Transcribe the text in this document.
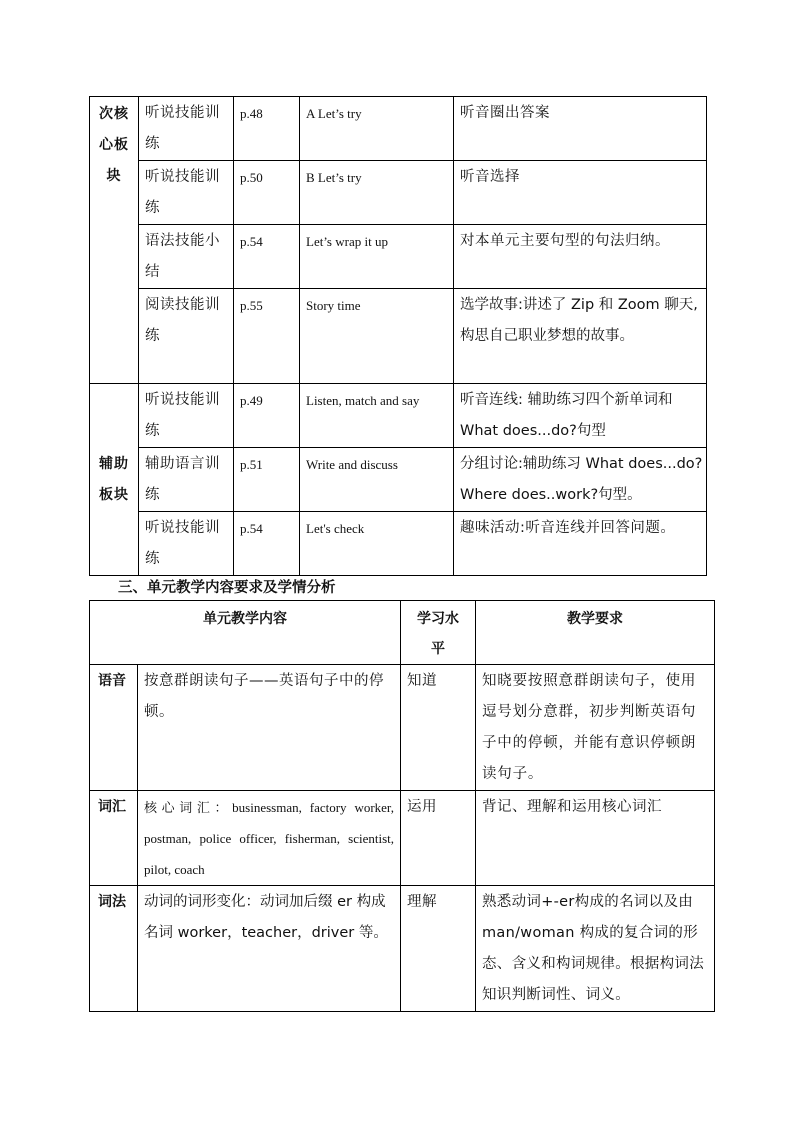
次核心板块	听说技能训练	p.48	A Let’s try	听音圈出答案
	听说技能训练	p.50	B Let’s try	听音选择
	语法技能小结	p.54	Let’s wrap it up	对本单元主要句型的句法归纳。
	阅读技能训练	p.55	Story time	选学故事:讲述了 Zip 和 Zoom 聊天,构思自己职业梦想的故事。

辅助板块	听说技能训练	p.49	Listen, match and say	听音连线: 辅助练习四个新单词和 What does...do?句型
	辅助语言训练	p.51	Write and discuss	分组讨论:辅助练习 What does...do? Where does..work?句型。
	听说技能训练	p.54	Let's check	趣味活动:听音连线并回答问题。
三、单元教学内容要求及学情分析
单元教学内容		学习水平	教学要求
语音	按意群朗读句子——英语句子中的停顿。	知道	知晓要按照意群朗读句子，使用逗号划分意群，初步判断英语句子中的停顿，并能有意识停顿朗读句子。
词汇	核心词汇：businessman, factory worker, postman, police officer, fisherman, scientist, pilot, coach	运用	背记、理解和运用核心词汇
词法	动词的词形变化：动词加后缀 er 构成名词 worker，teacher，driver 等。	理解	熟悉动词+-er构成的名词以及由 man/woman 构成的复合词的形态、含义和构词规律。根据构词法知识判断词性、词义。
